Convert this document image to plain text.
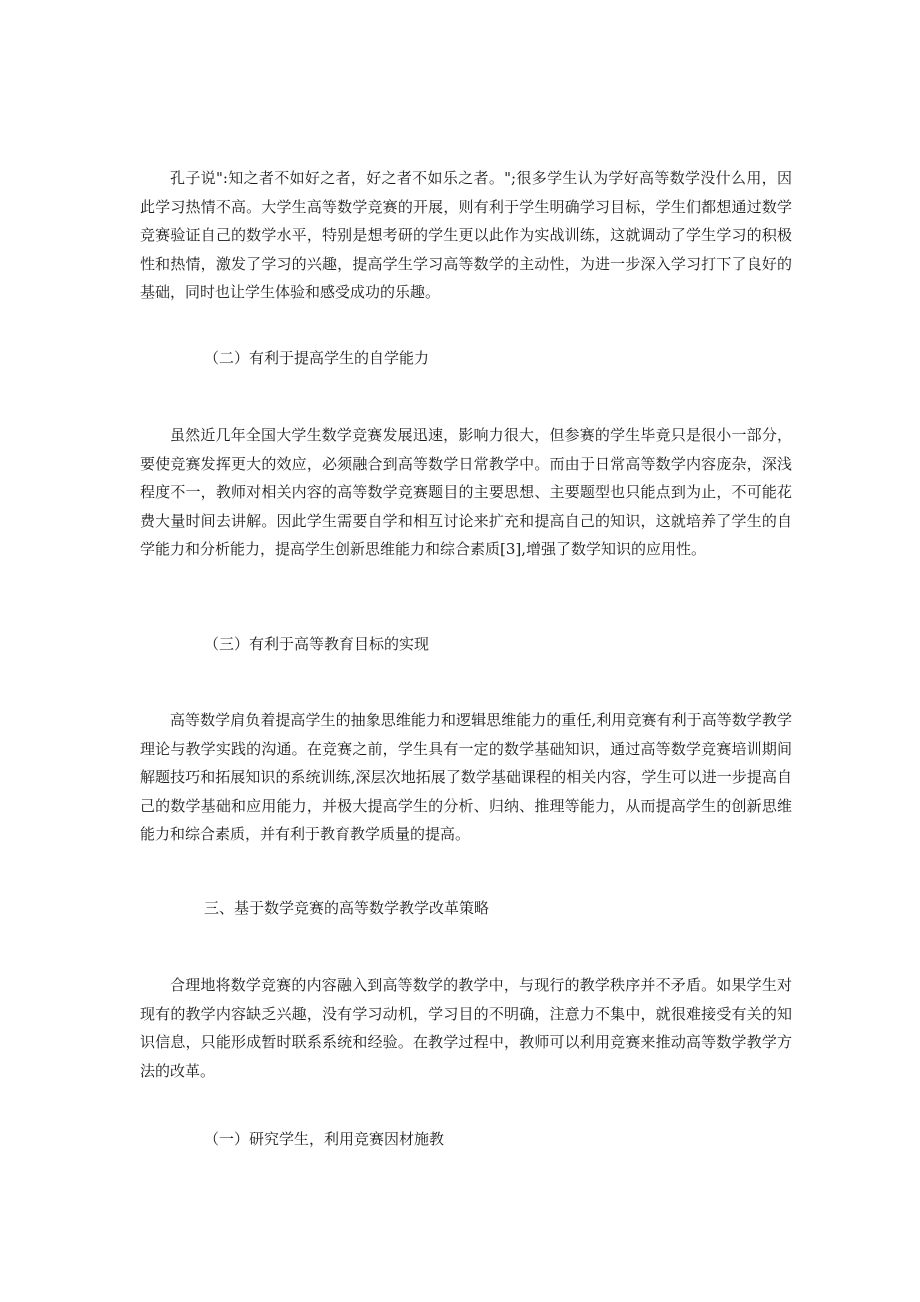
孔子说":知之者不如好之者，好之者不如乐之者。";很多学生认为学好高等数学没什么用，因此学习热情不高。大学生高等数学竞赛的开展，则有利于学生明确学习目标，学生们都想通过数学竞赛验证自己的数学水平，特别是想考研的学生更以此作为实战训练，这就调动了学生学习的积极性和热情，激发了学习的兴趣，提高学生学习高等数学的主动性，为进一步深入学习打下了良好的基础，同时也让学生体验和感受成功的乐趣。

（二）有利于提高学生的自学能力

虽然近几年全国大学生数学竞赛发展迅速，影响力很大，但参赛的学生毕竟只是很小一部分，要使竞赛发挥更大的效应，必须融合到高等数学日常教学中。而由于日常高等数学内容庞杂，深浅程度不一，教师对相关内容的高等数学竞赛题目的主要思想、主要题型也只能点到为止，不可能花费大量时间去讲解。因此学生需要自学和相互讨论来扩充和提高自己的知识，这就培养了学生的自学能力和分析能力，提高学生创新思维能力和综合素质[3],增强了数学知识的应用性。

（三）有利于高等教育目标的实现

高等数学肩负着提高学生的抽象思维能力和逻辑思维能力的重任,利用竞赛有利于高等数学教学理论与教学实践的沟通。在竞赛之前，学生具有一定的数学基础知识，通过高等数学竞赛培训期间解题技巧和拓展知识的系统训练,深层次地拓展了数学基础课程的相关内容，学生可以进一步提高自己的数学基础和应用能力，并极大提高学生的分析、归纳、推理等能力，从而提高学生的创新思维能力和综合素质，并有利于教育教学质量的提高。

三、基于数学竞赛的高等数学教学改革策略

合理地将数学竞赛的内容融入到高等数学的教学中，与现行的教学秩序并不矛盾。如果学生对现有的教学内容缺乏兴趣，没有学习动机，学习目的不明确，注意力不集中，就很难接受有关的知识信息，只能形成暂时联系系统和经验。在教学过程中，教师可以利用竞赛来推动高等数学教学方法的改革。

（一）研究学生，利用竞赛因材施教
